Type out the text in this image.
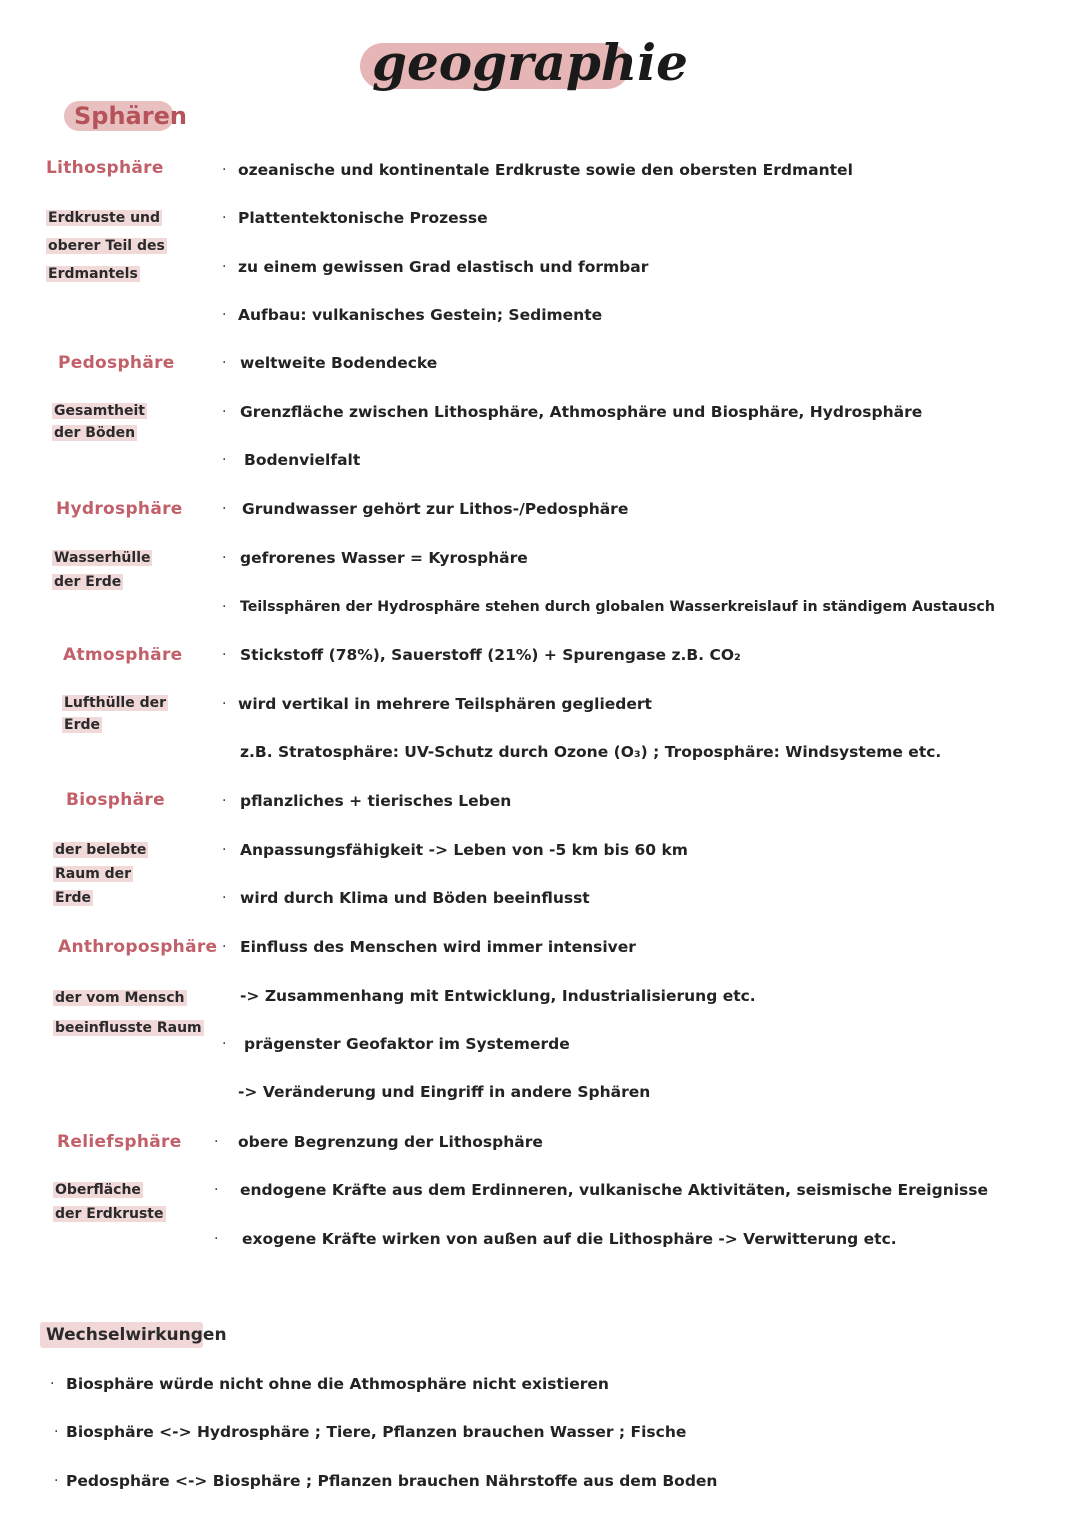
geographie
Sphären
Lithosphäre
Erdkruste und
oberer Teil des
Erdmantels
· ozeanische und kontinentale Erdkruste sowie den obersten Erdmantel
· Plattentektonische Prozesse
· zu einem gewissen Grad elastisch und formbar
· Aufbau: vulkanisches Gestein; Sedimente
Pedosphäre
Gesamtheit
der Böden
· weltweite Bodendecke
· Grenzfläche zwischen Lithosphäre, Athmosphäre und Biosphäre, Hydrosphäre
· Bodenvielfalt
Hydrosphäre
Wasserhülle
der Erde
· Grundwasser gehört zur Lithos-/Pedosphäre
· gefrorenes Wasser = Kyrosphäre
· Teilssphären der Hydrosphäre stehen durch globalen Wasserkreislauf in ständigem Austausch
Atmosphäre
Lufthülle der
Erde
· Stickstoff (78%), Sauerstoff (21%) + Spurengase z.B. CO₂
· wird vertikal in mehrere Teilsphären gegliedert
z.B. Stratosphäre: UV-Schutz durch Ozone (O₃) ; Troposphäre: Windsysteme etc.
Biosphäre
der belebte
Raum der
Erde
· pflanzliches + tierisches Leben
· Anpassungsfähigkeit -> Leben von -5 km bis 60 km
· wird durch Klima und Böden beeinflusst
Anthroposphäre
der vom Mensch
beeinflusste Raum
· Einfluss des Menschen wird immer intensiver
-> Zusammenhang mit Entwicklung, Industrialisierung etc.
· prägenster Geofaktor im Systemerde
-> Veränderung und Eingriff in andere Sphären
Reliefsphäre
Oberfläche
der Erdkruste
· obere Begrenzung der Lithosphäre
· endogene Kräfte aus dem Erdinneren, vulkanische Aktivitäten, seismische Ereignisse
· exogene Kräfte wirken von außen auf die Lithosphäre -> Verwitterung etc.
Wechselwirkungen
· Biosphäre würde nicht ohne die Athmosphäre nicht existieren
· Biosphäre <-> Hydrosphäre ; Tiere, Pflanzen brauchen Wasser ; Fische
· Pedosphäre <-> Biosphäre ; Pflanzen brauchen Nährstoffe aus dem Boden
